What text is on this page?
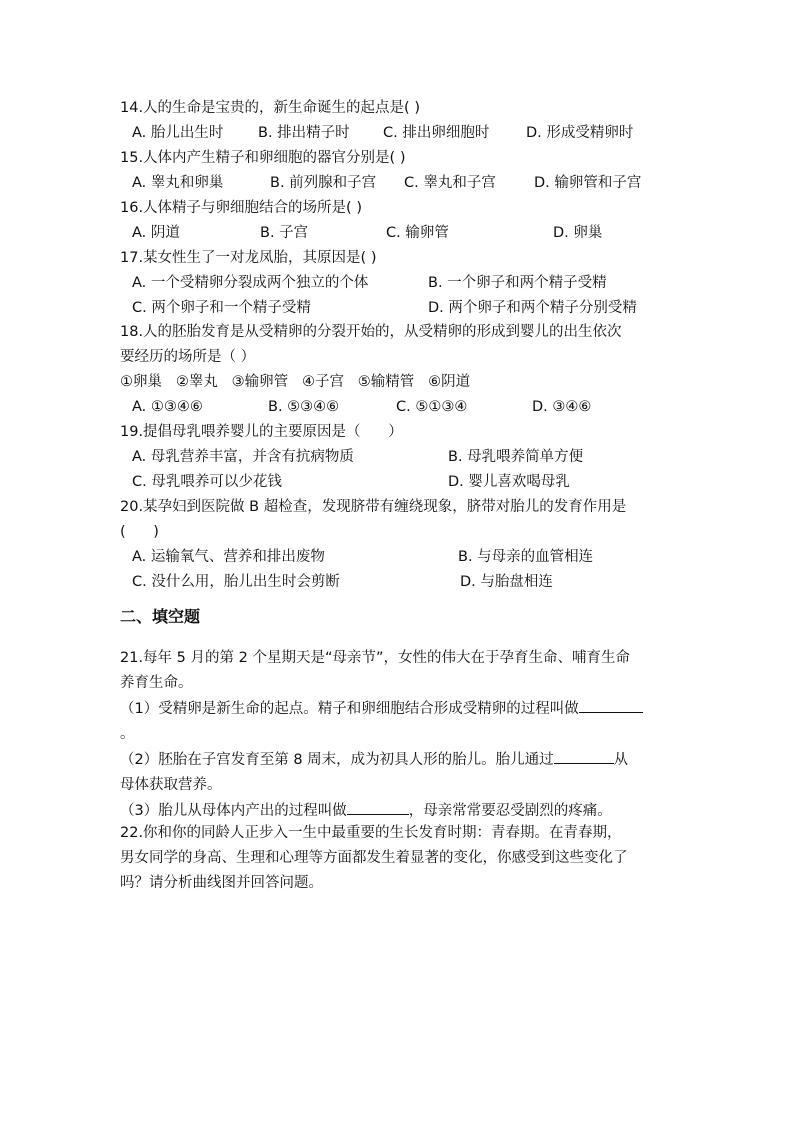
14.人的生命是宝贵的，新生命诞生的起点是( )
A. 胎儿出生时 B. 排出精子时 C. 排出卵细胞时	D. 形成受精卵时
15.人体内产生精子和卵细胞的器官分别是( )
A. 睾丸和卵巢	B. 前列腺和子宫 C. 睾丸和子宫	D. 输卵管和子宫
16.人体精子与卵细胞结合的场所是( )
A. 阴道	B. 子宫	C. 输卵管	D. 卵巢
17.某女性生了一对龙凤胎，其原因是( )
A. 一个受精卵分裂成两个独立的个体	B. 一个卵子和两个精子受精
C. 两个卵子和一个精子受精	D. 两个卵子和两个精子分别受精
18.人的胚胎发育是从受精卵的分裂开始的，从受精卵的形成到婴儿的出生依次
要经历的场所是（ ）
①卵巢   ②睾丸   ③输卵管   ④子宫   ⑤输精管   ⑥阴道
A. ①③④⑥	B. ⑤③④⑥	C. ⑤①③④	D. ③④⑥
19.提倡母乳喂养婴儿的主要原因是（      ）
A. 母乳营养丰富，并含有抗病物质	B. 母乳喂养简单方便
C. 母乳喂养可以少花钱	D. 婴儿喜欢喝母乳
20.某孕妇到医院做 B 超检查，发现脐带有缠绕现象，脐带对胎儿的发育作用是
(      )
A. 运输氧气、营养和排出废物	B. 与母亲的血管相连
C. 没什么用，胎儿出生时会剪断	D. 与胎盘相连
二、填空题
21.每年 5 月的第 2 个星期天是“母亲节”，女性的伟大在于孕育生命、哺育生命
养育生命。
（1）受精卵是新生命的起点。精子和卵细胞结合形成受精卵的过程叫做
。
（2）胚胎在子宫发育至第 8 周末，成为初具人形的胎儿。胎儿通过	从
母体获取营养。
（3）胎儿从母体内产出的过程叫做	，母亲常常要忍受剧烈的疼痛。
22.你和你的同龄人正步入一生中最重要的生长发育时期：青春期。在青春期，
男女同学的身高、生理和心理等方面都发生着显著的变化，你感受到这些变化了
吗？请分析曲线图并回答问题。
